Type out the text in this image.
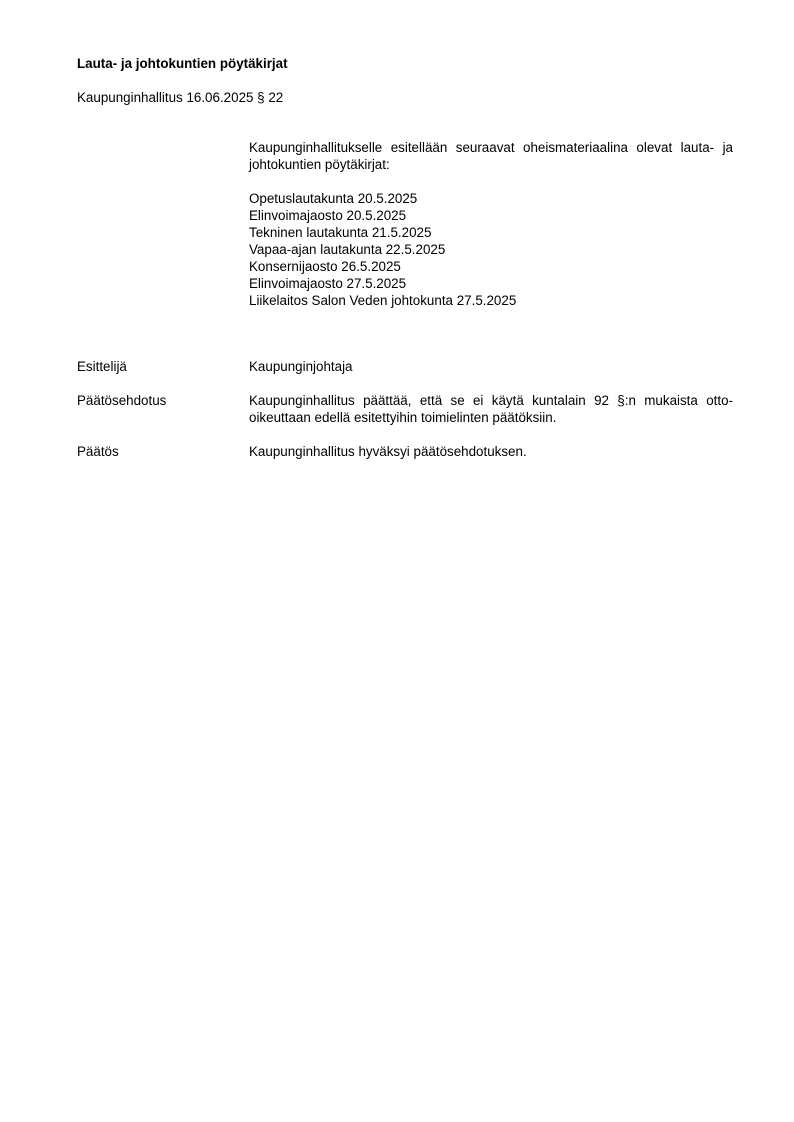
Lauta- ja johtokuntien pöytäkirjat

Kaupunginhallitus 16.06.2025 § 22

Kaupunginhallitukselle esitellään seuraavat oheismateriaalina olevat lauta- ja johtokuntien pöytäkirjat:

Opetuslautakunta 20.5.2025
Elinvoimajaosto 20.5.2025
Tekninen lautakunta 21.5.2025
Vapaa-ajan lautakunta 22.5.2025
Konsernijaosto 26.5.2025
Elinvoimajaosto 27.5.2025
Liikelaitos Salon Veden johtokunta 27.5.2025
Esittelijä	Kaupunginjohtaja
Päätösehdotus	Kaupunginhallitus päättää, että se ei käytä kuntalain 92 §:n mukaista otto-oikeuttaan edellä esitettyihin toimielinten päätöksiin.
Päätös	Kaupunginhallitus hyväksyi päätösehdotuksen.
